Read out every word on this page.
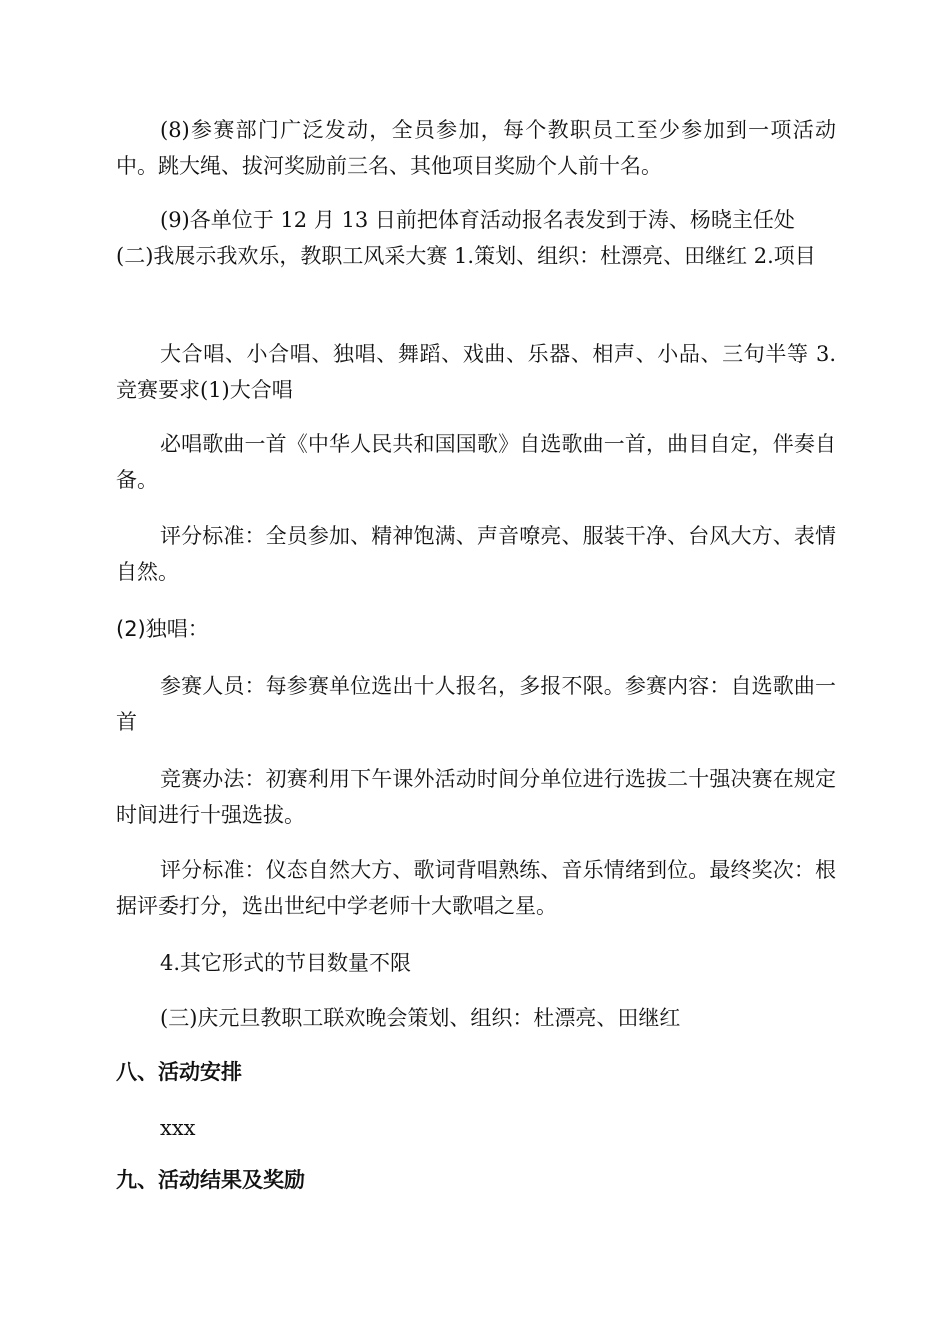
(8)参赛部门广泛发动，全员参加，每个教职员工至少参加到一项活动中。跳大绳、拔河奖励前三名、其他项目奖励个人前十名。

(9)各单位于 12 月 13 日前把体育活动报名表发到于涛、杨晓主任处

(二)我展示我欢乐，教职工风采大赛 1.策划、组织：杜漂亮、田继红 2.项目

大合唱、小合唱、独唱、舞蹈、戏曲、乐器、相声、小品、三句半等 3.竞赛要求(1)大合唱

必唱歌曲一首《中华人民共和国国歌》自选歌曲一首，曲目自定，伴奏自备。

评分标准：全员参加、精神饱满、声音嘹亮、服装干净、台风大方、表情自然。

(2)独唱：

参赛人员：每参赛单位选出十人报名，多报不限。参赛内容：自选歌曲一首

竞赛办法：初赛利用下午课外活动时间分单位进行选拔二十强决赛在规定时间进行十强选拔。

评分标准：仪态自然大方、歌词背唱熟练、音乐情绪到位。最终奖次：根据评委打分，选出世纪中学老师十大歌唱之星。

4.其它形式的节目数量不限

(三)庆元旦教职工联欢晚会策划、组织：杜漂亮、田继红

八、活动安排

xxx

九、活动结果及奖励
